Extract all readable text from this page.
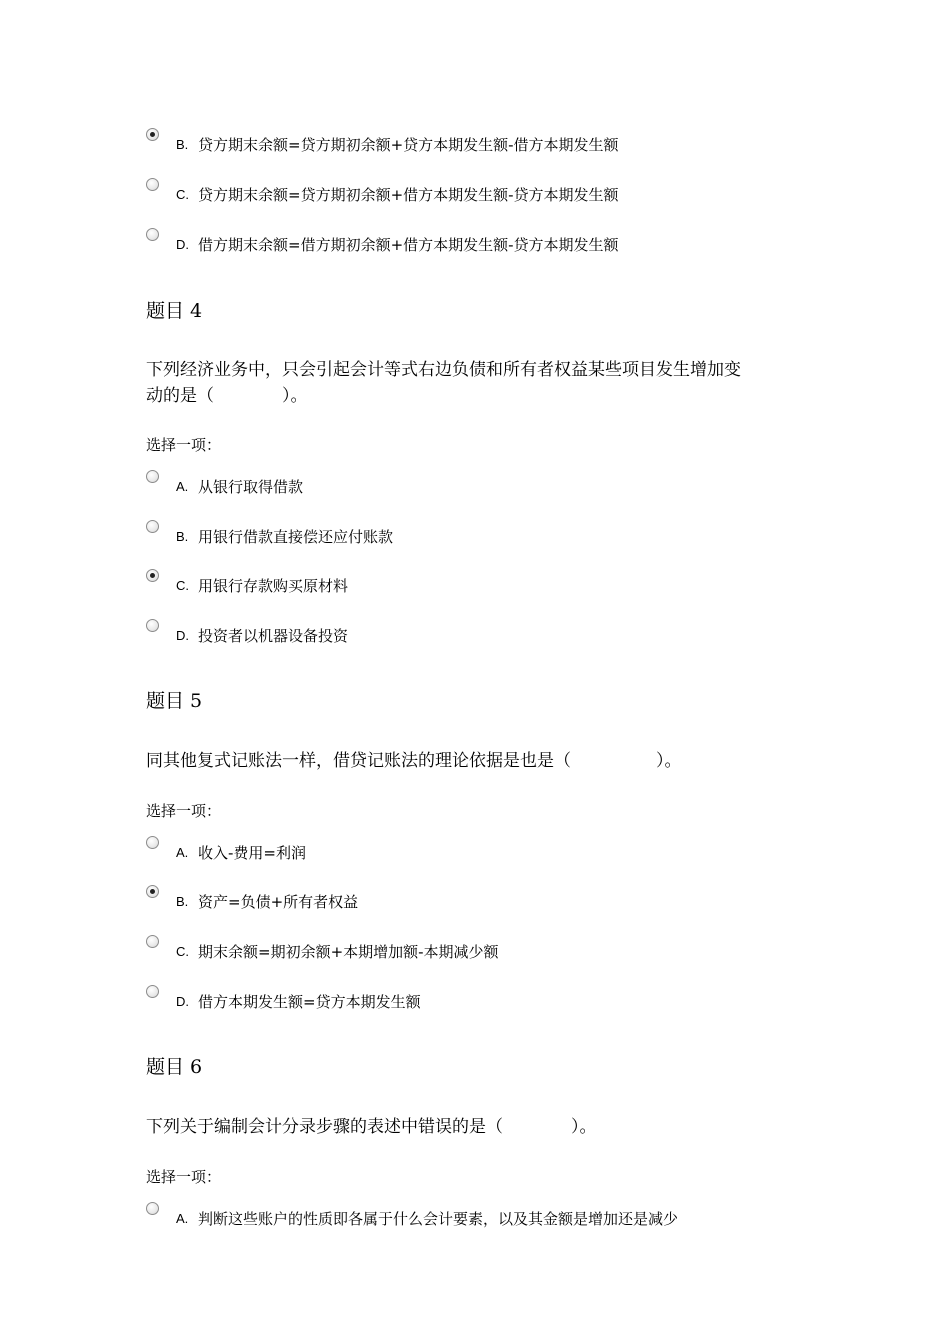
B. 贷方期末余额=贷方期初余额+贷方本期发生额-借方本期发生额
C. 贷方期末余额=贷方期初余额+借方本期发生额-贷方本期发生额
D. 借方期末余额=借方期初余额+借方本期发生额-贷方本期发生额
题目 4
下列经济业务中，只会引起会计等式右边负债和所有者权益某些项目发生增加变
动的是（　　　　）。
选择一项：
A. 从银行取得借款
B. 用银行借款直接偿还应付账款
C. 用银行存款购买原材料
D. 投资者以机器设备投资
题目 5
同其他复式记账法一样，借贷记账法的理论依据是也是（　　　　　）。
选择一项：
A. 收入-费用=利润
B. 资产=负债+所有者权益
C. 期末余额=期初余额+本期增加额-本期减少额
D. 借方本期发生额=贷方本期发生额
题目 6
下列关于编制会计分录步骤的表述中错误的是（　　　　）。
选择一项：
A. 判断这些账户的性质即各属于什么会计要素，以及其金额是增加还是减少
